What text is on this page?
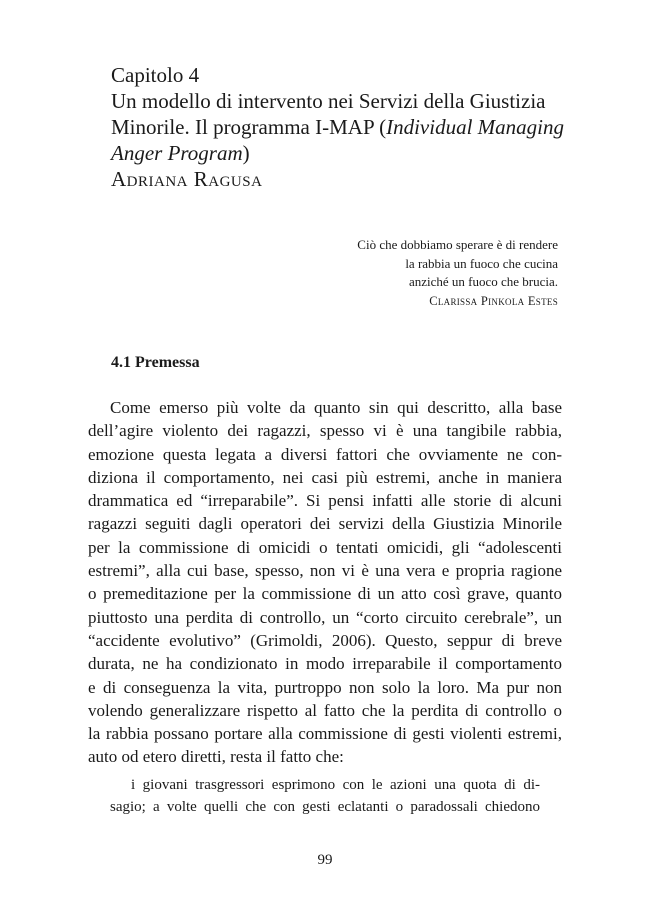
Capitolo 4
Un modello di intervento nei Servizi della Giustizia
Minorile. Il programma I-MAP (Individual Managing
Anger Program)
Adriana Ragusa
Ciò che dobbiamo sperare è di rendere
la rabbia un fuoco che cucina
anziché un fuoco che brucia.
Clarissa Pinkola Estes
4.1 Premessa
Come emerso più volte da quanto sin qui descritto, alla base
dell’agire violento dei ragazzi, spesso vi è una tangibile rabbia,
emozione questa legata a diversi fattori che ovviamente ne con-
diziona il comportamento, nei casi più estremi, anche in maniera
drammatica ed “irreparabile”. Si pensi infatti alle storie di alcuni
ragazzi seguiti dagli operatori dei servizi della Giustizia Minorile
per la commissione di omicidi o tentati omicidi, gli “adolescenti
estremi”, alla cui base, spesso, non vi è una vera e propria ragione
o premeditazione per la commissione di un atto così grave, quanto
piuttosto una perdita di controllo, un “corto circuito cerebrale”, un
“accidente evolutivo” (Grimoldi, 2006). Questo, seppur di breve
durata, ne ha condizionato in modo irreparabile il comportamento
e di conseguenza la vita, purtroppo non solo la loro. Ma pur non
volendo generalizzare rispetto al fatto che la perdita di controllo o
la rabbia possano portare alla commissione di gesti violenti estremi,
auto od etero diretti, resta il fatto che:
i giovani trasgressori esprimono con le azioni una quota di di-
sagio; a volte quelli che con gesti eclatanti o paradossali chiedono
99
